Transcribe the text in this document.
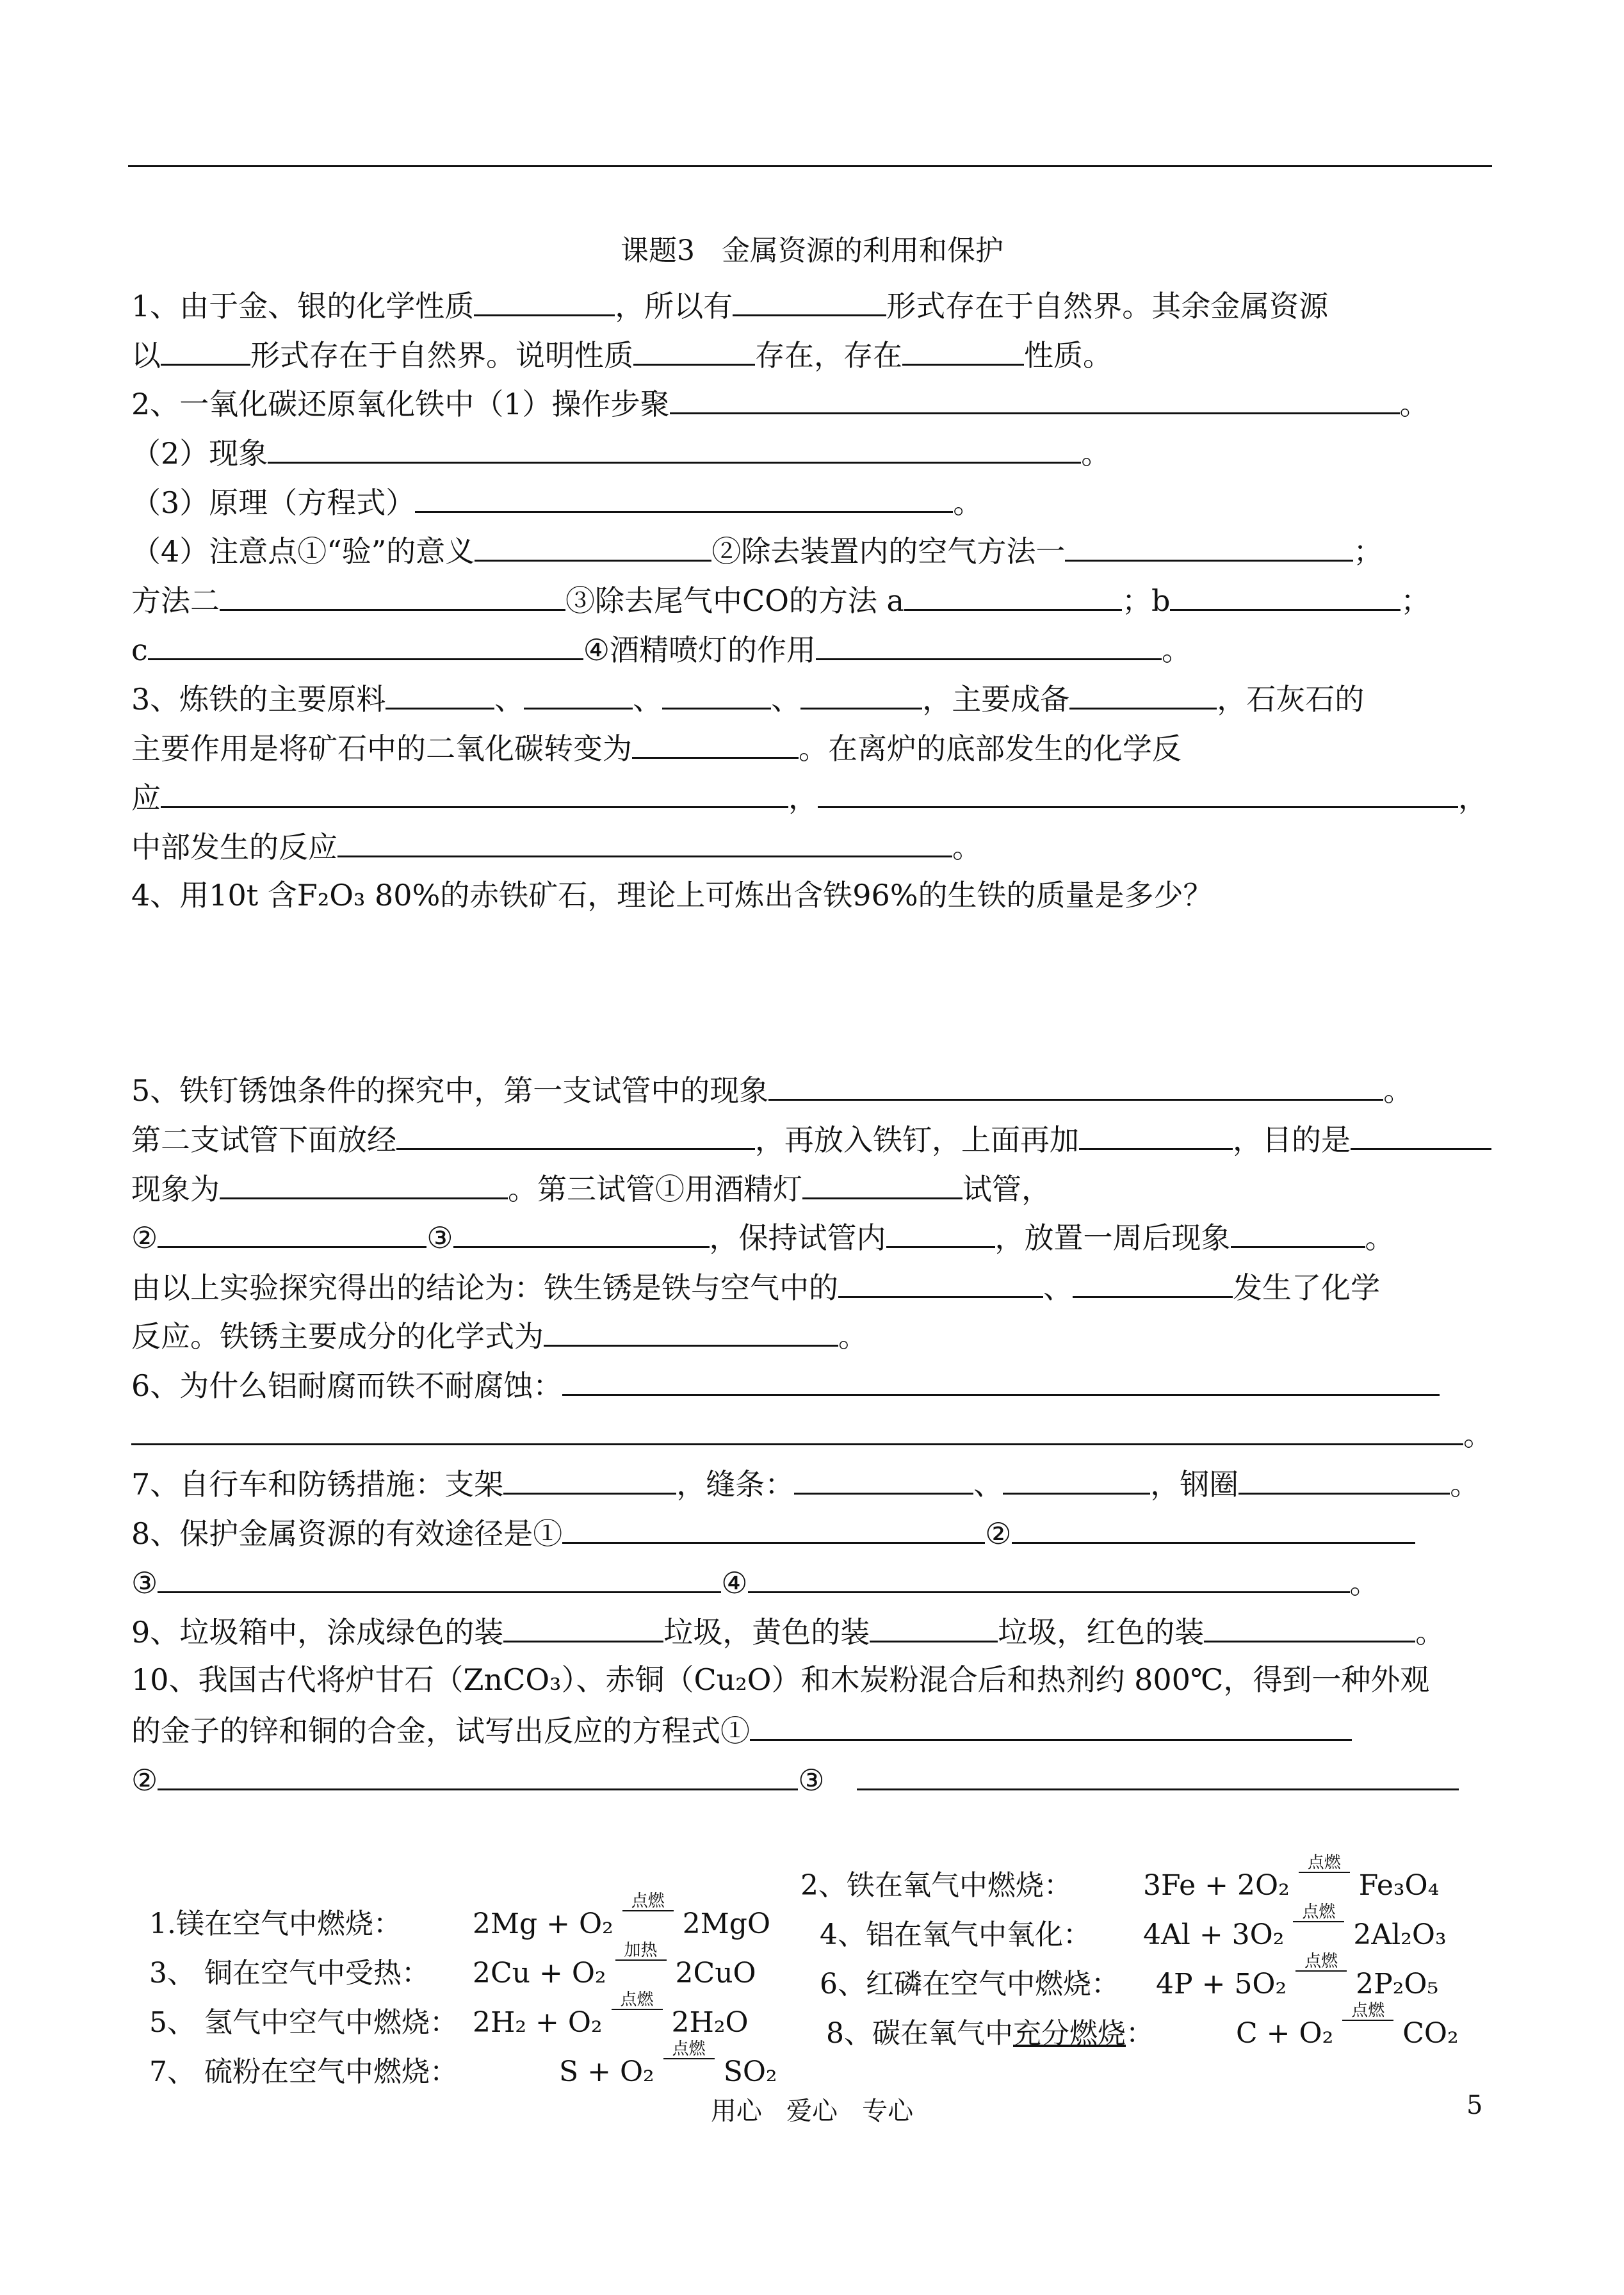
课题3   金属资源的利用和保护
1、由于金、银的化学性质	，所以有	形式存在于自然界。其余金属资源
以	形式存在于自然界。说明性质	存在，存在	性质。
2、一氧化碳还原氧化铁中（1）操作步聚	。
（2）现象	。
（3）原理（方程式）	。
（4）注意点①“验”的意义	②除去装置内的空气方法一	；
方法二	③除去尾气中CO的方法 a	；b	；
c	④酒精喷灯的作用	。
3、炼铁的主要原料	、	、	、	，主要成备	，石灰石的
主要作用是将矿石中的二氧化碳转变为	。在离炉的底部发生的化学反
应	，	，
中部发生的反应	。
4、用10t 含F₂O₃ 80%的赤铁矿石，理论上可炼出含铁96%的生铁的质量是多少？
5、铁钉锈蚀条件的探究中，第一支试管中的现象	。
第二支试管下面放经	，再放入铁钉，上面再加	，目的是
现象为	。第三试管①用酒精灯	试管，
②	③	，保持试管内	，放置一周后现象	。
由以上实验探究得出的结论为：铁生锈是铁与空气中的	、	发生了化学
反应。铁锈主要成分的化学式为	。
6、为什么铝耐腐而铁不耐腐蚀：
。
7、自行车和防锈措施：支架	，缝条：	、	，钢圈	。
8、保护金属资源的有效途径是①	②
③	④	。
9、垃圾箱中，涂成绿色的装	垃圾，黄色的装	垃圾，红色的装	。
10、我国古代将炉甘石（ZnCO₃）、赤铜（Cu₂O）和木炭粉混合后和热剂约 800℃，得到一种外观
的金子的锌和铜的合金，试写出反应的方程式①
②	③

1.镁在空气中燃烧：	2Mg + O₂
点燃
2MgO

2、铁在氧气中燃烧：	3Fe + 2O₂
点燃
Fe₃O₄

3、 铜在空气中受热： 2Cu + O₂
加热
2CuO

4、铝在氧气中氧化： 4Al + 3O₂
点燃
2Al₂O₃

5、 氢气中空气中燃烧： 2H₂ + O₂
点燃
2H₂O

6、红磷在空气中燃烧： 4P + 5O₂
点燃
2P₂O₅

7、 硫粉在空气中燃烧：	S + O₂
点燃
SO₂

8、碳在氧气中充分燃烧：	C + O₂
点燃
CO₂

用心   爱心   专心	5
